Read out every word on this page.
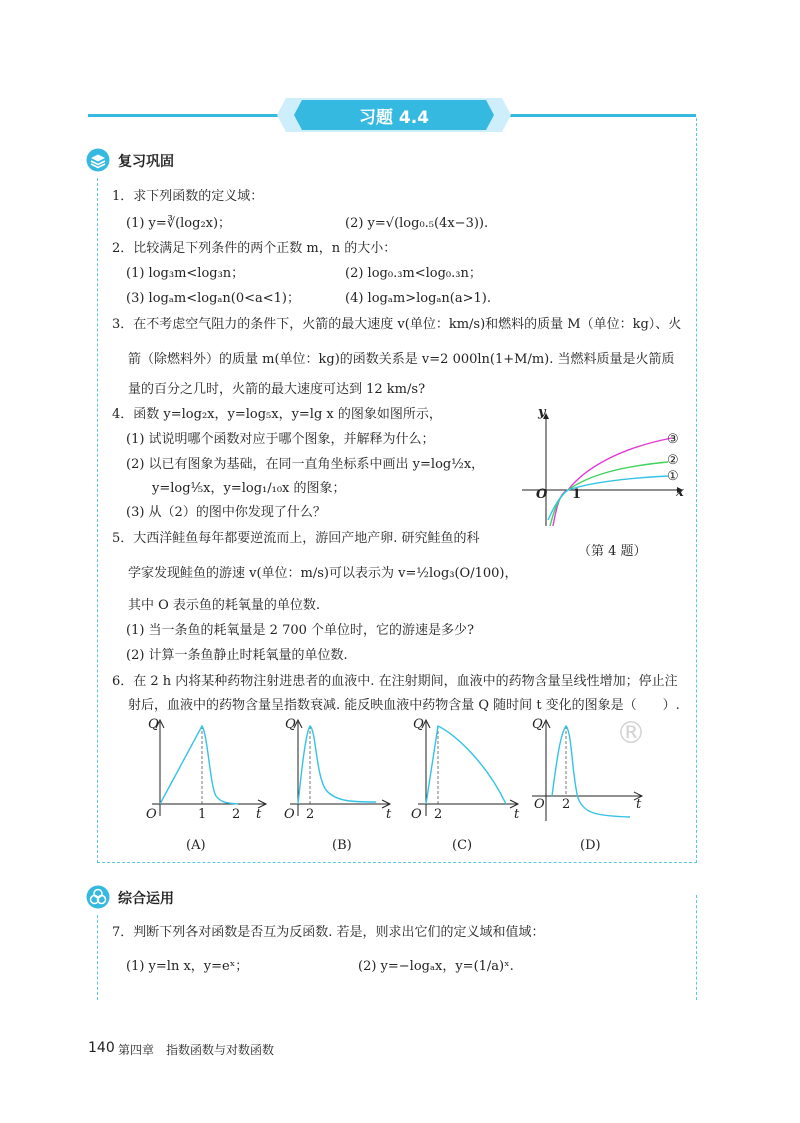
习题 4.4
复习巩固
1．求下列函数的定义域：
(1) y=∛(log₂x)；	(2) y=√(log₀.₅(4x−3)).
2．比较满足下列条件的两个正数 m，n 的大小：
(1) log₃m<log₃n；	(2) log₀.₃m<log₀.₃n；
(3) logₐm<logₐn(0<a<1)；	(4) logₐm>logₐn(a>1).
3．在不考虑空气阻力的条件下，火箭的最大速度 v(单位：km/s)和燃料的质量 M（单位：kg）、火
箭（除燃料外）的质量 m(单位：kg)的函数关系是 v=2 000ln(1+M/m). 当燃料质量是火箭质
量的百分之几时，火箭的最大速度可达到 12 km/s?
4．函数 y=log₂x，y=log₅x，y=lg x 的图象如图所示，
(1) 试说明哪个函数对应于哪个图象，并解释为什么；
(2) 以已有图象为基础，在同一直角坐标系中画出 y=log½x，
y=log⅕x，y=log₁/₁₀x 的图象；
(3) 从（2）的图中你发现了什么？
y
x
O 1
③
②
①
（第 4 题）
5．大西洋鲑鱼每年都要逆流而上，游回产地产卵. 研究鲑鱼的科
学家发现鲑鱼的游速 v(单位：m/s)可以表示为 v=½log₃(O/100)，
其中 O 表示鱼的耗氧量的单位数.
(1) 当一条鱼的耗氧量是 2 700 个单位时，它的游速是多少?
(2) 计算一条鱼静止时耗氧量的单位数.
6．在 2 h 内将某种药物注射进患者的血液中. 在注射期间，血液中的药物含量呈线性增加；停止注
射后，血液中的药物含量呈指数衰减. 能反映血液中药物含量 Q 随时间 t 变化的图象是（　　）.
®
Q
O	1 2 t
(A)
Q
O 2	t
(B)
Q
O 2	t
(C)
Q
O 2	t
(D)
综合运用
7．判断下列各对函数是否互为反函数. 若是，则求出它们的定义域和值域：
(1) y=ln x，y=eˣ；	(2) y=−logₐx，y=(1/a)ˣ.
140 第四章　指数函数与对数函数
